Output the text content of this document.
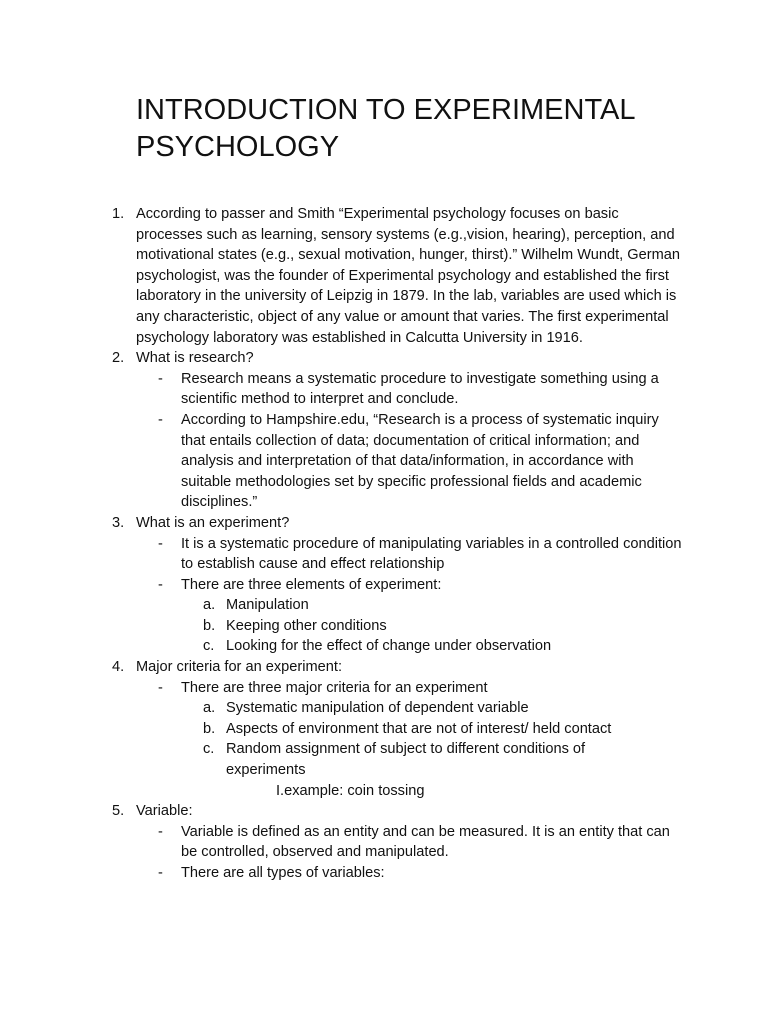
INTRODUCTION TO EXPERIMENTAL PSYCHOLOGY
1. According to passer and Smith “Experimental psychology focuses on basic processes such as learning, sensory systems (e.g.,vision, hearing), perception, and motivational states (e.g., sexual motivation, hunger, thirst).” Wilhelm Wundt, German psychologist, was the founder of Experimental psychology and established the first laboratory in the university of Leipzig in 1879. In the lab, variables are used which is any characteristic, object of any value or amount that varies. The first experimental psychology laboratory was established in Calcutta University in 1916.
2. What is research?
- Research means a systematic procedure to investigate something using a scientific method to interpret and conclude.
- According to Hampshire.edu, “Research is a process of systematic inquiry that entails collection of data; documentation of critical information; and analysis and interpretation of that data/information, in accordance with suitable methodologies set by specific professional fields and academic disciplines.”
3. What is an experiment?
- It is a systematic procedure of manipulating variables in a controlled condition to establish cause and effect relationship
- There are three elements of experiment:
a. Manipulation
b. Keeping other conditions
c. Looking for the effect of change under observation
4. Major criteria for an experiment:
- There are three major criteria for an experiment
a. Systematic manipulation of dependent variable
b. Aspects of environment that are not of interest/ held contact
c. Random assignment of subject to different conditions of experiments
I.example: coin tossing
5. Variable:
- Variable is defined as an entity and can be measured. It is an entity that can be controlled, observed and manipulated.
- There are all types of variables:
